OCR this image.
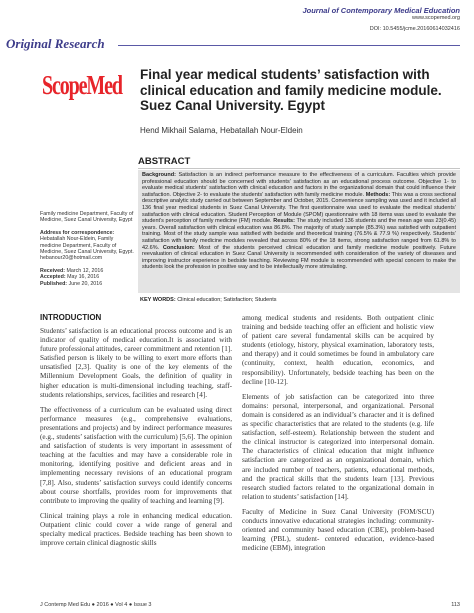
Journal of Contemporary Medical Education
www.scopemed.org
DOI: 10.5455/jcme.20160614032416
Original Research
ScopeMed Final year medical students’ satisfaction with clinical education and family medicine module. Suez Canal University. Egypt
Hend Mikhail Salama, Hebatallah Nour-Eldein
ABSTRACT
Background: Satisfaction is an indirect performance measure to the effectiveness of a curriculum. Faculties which provide professional education should be concerned with students’ satisfaction as an educational process outcome. Objective 1- to evaluate medical students’ satisfaction with clinical education and factors in the organizational domain that could influence their satisfaction. Objective 2- to evaluate the students’ satisfaction with family medicine module. Methods: This was a cross sectional descriptive analytic study carried out between September and October, 2015. Convenience sampling was used and it included all 136 final year medical students in Suez Canal University. The first questionnaire was used to evaluate the medical students’ satisfaction with clinical education. Student Perception of Module (SPOM) questionnaire with 18 items was used to evaluate the student’s perception of family medicine (FM) module. Results: The study included 136 students and the mean age was 23(0.45) years. Overall satisfaction with clinical education was 86.8%. The majority of study sample (85.3%) was satisfied with outpatient training. Most of the study sample was satisfied with bedside and theoretical training (76.5% & 77.9 %) respectively. Students’ satisfaction with family medicine modules revealed that across 80% of the 18 items, strong satisfaction ranged from 61.8% to 42.6%. Conclusion: Most of the students perceived clinical education and family medicine module positively. Future reevaluation of clinical education in Suez Canal University is recommended with consideration of the variety of diseases and improving instructor experience in bedside teaching. Reviewing FM module is recommended with special concern to make the students look the profession in positive way and to be intellectually more stimulating.
KEY WORDS: Clinical education; Satisfaction; Students

Family medicine Department, Faculty of Medicine, Suez Canal University, Egypt

Address for correspondence:

Hebatallah Nour-Eldein, Family medicine Department, Faculty of Medicine, Suez Canal University, Egypt.

hebanour20@hotmail.com

Received: March 12, 2016
Accepted: May 16, 2016
Published: June 20, 2016
INTRODUCTION

Students’ satisfaction is an educational process outcome and is an indicator of quality of medical education.It is associated with future professional attitudes, career commitment and retention [1]. Satisfied person is likely to be willing to exert more efforts than unsatisfied [2,3]. Quality is one of the key elements of the Millennium Development Goals, the definition of quality in higher education is multi-dimensional including teaching, staff-students relationships, services, facilities and research [4].

The effectiveness of a curriculum can be evaluated using direct performance measures (e.g., comprehensive evaluations, presentations and projects) and by indirect performance measures (e.g., students’ satisfaction with the curriculum) [5,6]. The opinion and satisfaction of students is very important in assessment of teaching at the faculties and may have a considerable role in monitoring, identifying positive and deficient areas and in implementing necessary revisions of an educational program [7,8]. Also, students’ satisfaction surveys could identify concerns about course shortfalls, provides room for improvements that contribute to improving the quality of teaching and learning [9].

Clinical training plays a role in enhancing medical education. Outpatient clinic could cover a wide range of general and specialty medical practices. Bedside teaching has been shown to improve certain clinical diagnostic skills

among medical students and residents. Both outpatient clinic training and bedside teaching offer an efficient and holistic view of patient care several fundamental skills can be acquired by students (etiology, history, physical examination, laboratory tests, and therapy) and it could sometimes be found in ambulatory care (continuity, context, health education, economics, and responsibility). Unfortunately, bedside teaching has been on the decline [10-12].

Elements of job satisfaction can be categorized into three domains: personal, interpersonal, and organizational. Personal domain is considered as an individual’s character and it is defined as specific characteristics that are related to the students (e.g. life satisfaction, self-esteem). Relationship between the student and the clinical instructor is categorized into interpersonal domain. The characteristics of clinical education that might influence satisfaction are categorized as an organizational domain, which are included number of teachers, patients, educational methods, and the practical skills that the students learn [13]. Previous research studied factors related to the organizational domain in relation to students’ satisfaction [14].

Faculty of Medicine in Suez Canal University (FOM/SCU) conducts innovative educational strategies including: community-oriented and community based education (CBE), problem-based learning (PBL), student- centered education, evidence-based medicine (EBM), integration

J Contemp Med Edu ● 2016 ● Vol 4 ● Issue 3	113
